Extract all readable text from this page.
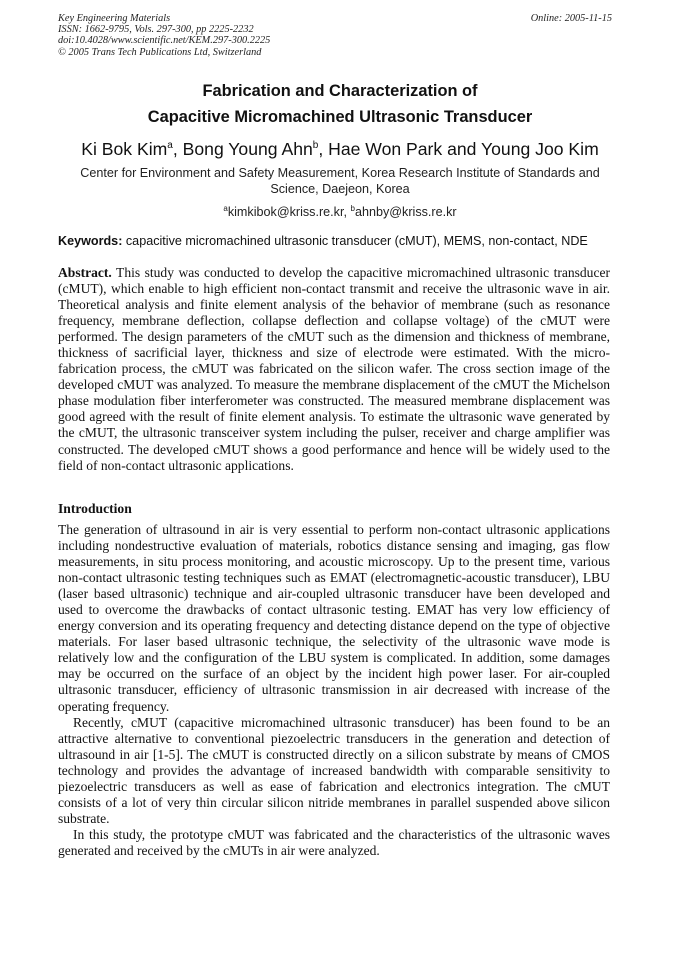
Key Engineering Materials
ISSN: 1662-9795, Vols. 297-300, pp 2225-2232
doi:10.4028/www.scientific.net/KEM.297-300.2225
© 2005 Trans Tech Publications Ltd, Switzerland
Online: 2005-11-15
Fabrication and Characterization of
Capacitive Micromachined Ultrasonic Transducer
Ki Bok Kim$^a$, Bong Young Ahn$^b$, Hae Won Park and Young Joo Kim
Center for Environment and Safety Measurement, Korea Research Institute of Standards and
Science, Daejeon, Korea
$^a$kimkibok@kriss.re.kr, $^b$ahnby@kriss.re.kr
Keywords: capacitive micromachined ultrasonic transducer (cMUT), MEMS, non-contact, NDE
Abstract. This study was conducted to develop the capacitive micromachined ultrasonic transducer (cMUT), which enable to high efficient non-contact transmit and receive the ultrasonic wave in air. Theoretical analysis and finite element analysis of the behavior of membrane (such as resonance frequency, membrane deflection, collapse deflection and collapse voltage) of the cMUT were performed. The design parameters of the cMUT such as the dimension and thickness of membrane, thickness of sacrificial layer, thickness and size of electrode were estimated. With the micro-fabrication process, the cMUT was fabricated on the silicon wafer. The cross section image of the developed cMUT was analyzed. To measure the membrane displacement of the cMUT the Michelson phase modulation fiber interferometer was constructed. The measured membrane displacement was good agreed with the result of finite element analysis. To estimate the ultrasonic wave generated by the cMUT, the ultrasonic transceiver system including the pulser, receiver and charge amplifier was constructed. The developed cMUT shows a good performance and hence will be widely used to the field of non-contact ultrasonic applications.
Introduction

The generation of ultrasound in air is very essential to perform non-contact ultrasonic applications including nondestructive evaluation of materials, robotics distance sensing and imaging, gas flow measurements, in situ process monitoring, and acoustic microscopy. Up to the present time, various non-contact ultrasonic testing techniques such as EMAT (electromagnetic-acoustic transducer), LBU (laser based ultrasonic) technique and air-coupled ultrasonic transducer have been developed and used to overcome the drawbacks of contact ultrasonic testing. EMAT has very low efficiency of energy conversion and its operating frequency and detecting distance depend on the type of objective materials. For laser based ultrasonic technique, the selectivity of the ultrasonic wave mode is relatively low and the configuration of the LBU system is complicated. In addition, some damages may be occurred on the surface of an object by the incident high power laser. For air-coupled ultrasonic transducer, efficiency of ultrasonic transmission in air decreased with increase of the operating frequency.

Recently, cMUT (capacitive micromachined ultrasonic transducer) has been found to be an attractive alternative to conventional piezoelectric transducers in the generation and detection of ultrasound in air [1-5]. The cMUT is constructed directly on a silicon substrate by means of CMOS technology and provides the advantage of increased bandwidth with comparable sensitivity to piezoelectric transducers as well as ease of fabrication and electronics integration. The cMUT consists of a lot of very thin circular silicon nitride membranes in parallel suspended above silicon substrate.

In this study, the prototype cMUT was fabricated and the characteristics of the ultrasonic waves generated and received by the cMUTs in air were analyzed.
